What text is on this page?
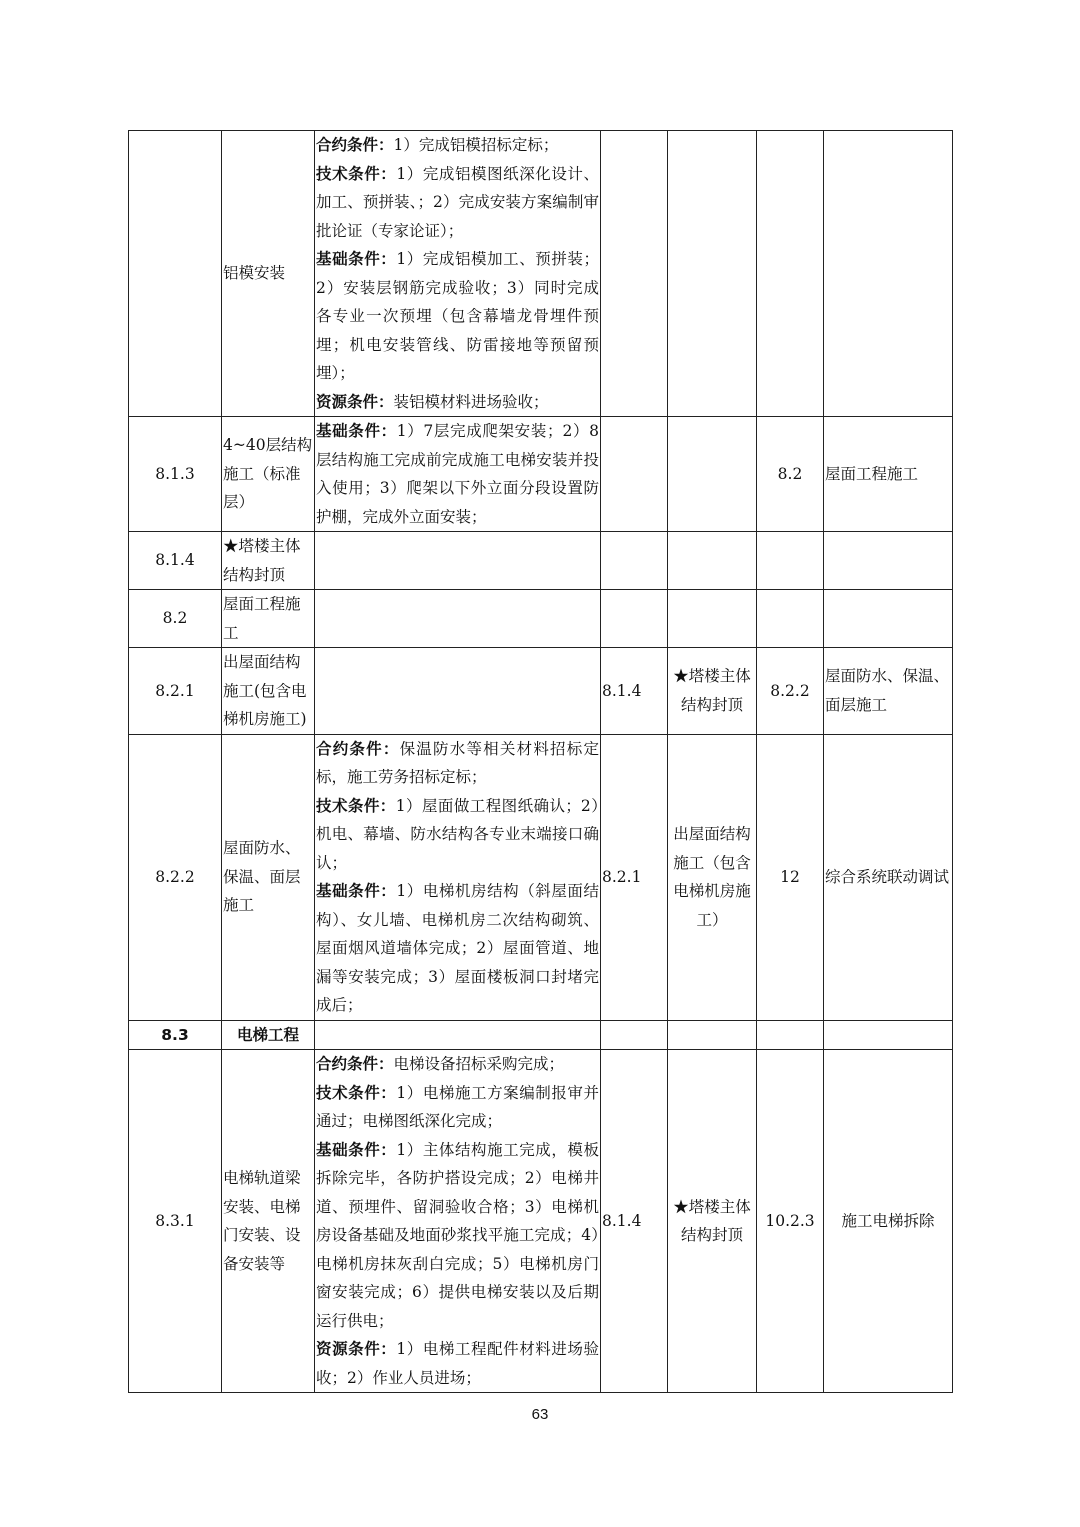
	铝模安装	合约条件：1）完成铝模招标定标；
技术条件：1）完成铝模图纸深化设计、加工、预拼装、；2）完成安装方案编制审批论证（专家论证）；
基础条件：1）完成铝模加工、预拼装；2）安装层钢筋完成验收；3）同时完成各专业一次预埋（包含幕墙龙骨埋件预埋；机电安装管线、防雷接地等预留预埋）；
资源条件：装铝模材料进场验收；				

8.1.3	4~40层结构施工（标准层）	基础条件：1）7层完成爬架安装；2）8层结构施工完成前完成施工电梯安装并投入使用；3）爬架以下外立面分段设置防护棚，完成外立面安装；			8.2	屋面工程施工
8.1.4	★塔楼主体结构封顶					
8.2	屋面工程施工					
8.2.1	出屋面结构施工(包含电梯机房施工)		8.1.4	★塔楼主体结构封顶	8.2.2	屋面防水、保温、面层施工
8.2.2	屋面防水、保温、面层施工	合约条件：保温防水等相关材料招标定标，施工劳务招标定标；
技术条件：1）屋面做工程图纸确认；2）机电、幕墙、防水结构各专业末端接口确认；
基础条件：1）电梯机房结构（斜屋面结构）、女儿墙、电梯机房二次结构砌筑、屋面烟风道墙体完成；2）屋面管道、地漏等安装完成；3）屋面楼板洞口封堵完成后；	8.2.1	出屋面结构施工（包含电梯机房施工）	12	综合系统联动调试
8.3	电梯工程					
8.3.1	电梯轨道梁安装、电梯门安装、设备安装等	合约条件：电梯设备招标采购完成；
技术条件：1）电梯施工方案编制报审并通过；电梯图纸深化完成；
基础条件：1）主体结构施工完成，模板拆除完毕，各防护搭设完成；2）电梯井道、预埋件、留洞验收合格；3）电梯机房设备基础及地面砂浆找平施工完成；4）电梯机房抹灰刮白完成；5）电梯机房门窗安装完成；6）提供电梯安装以及后期运行供电；
资源条件：1）电梯工程配件材料进场验收；2）作业人员进场；	8.1.4	★塔楼主体结构封顶	10.2.3	施工电梯拆除
63
